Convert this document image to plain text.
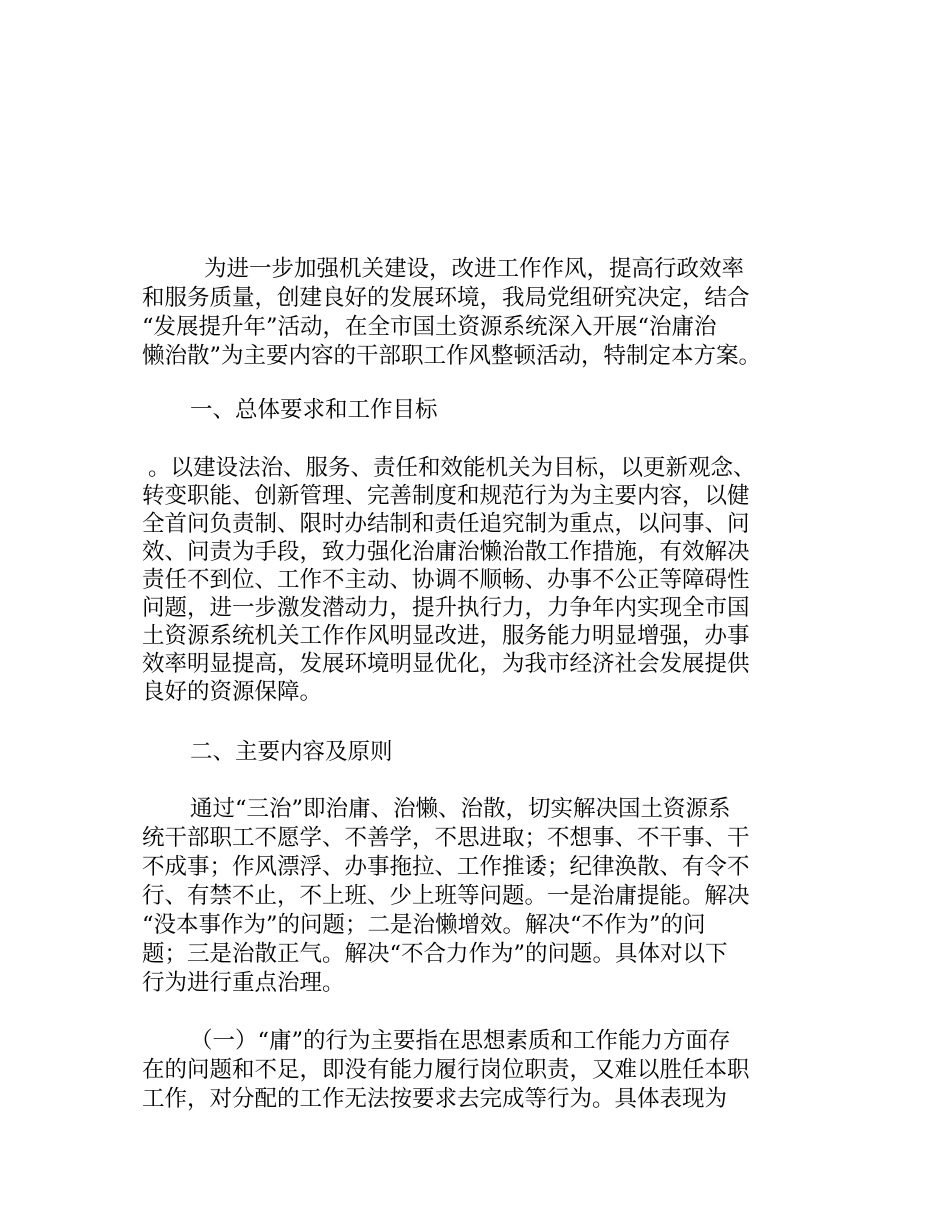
为进一步加强机关建设，改进工作作风，提高行政效率
和服务质量，创建良好的发展环境，我局党组研究决定，结合
“发展提升年”活动，在全市国土资源系统深入开展“治庸治
懒治散”为主要内容的干部职工作风整顿活动，特制定本方案。
一、总体要求和工作目标
。以建设法治、服务、责任和效能机关为目标，以更新观念、
转变职能、创新管理、完善制度和规范行为为主要内容，以健
全首问负责制、限时办结制和责任追究制为重点，以问事、问
效、问责为手段，致力强化治庸治懒治散工作措施，有效解决
责任不到位、工作不主动、协调不顺畅、办事不公正等障碍性
问题，进一步激发潜动力，提升执行力，力争年内实现全市国
土资源系统机关工作作风明显改进，服务能力明显增强，办事
效率明显提高，发展环境明显优化，为我市经济社会发展提供
良好的资源保障。
二、主要内容及原则
通过“三治”即治庸、治懒、治散，切实解决国土资源系
统干部职工不愿学、不善学，不思进取；不想事、不干事、干
不成事；作风漂浮、办事拖拉、工作推诿；纪律涣散、有令不
行、有禁不止，不上班、少上班等问题。一是治庸提能。解决
“没本事作为”的问题；二是治懒增效。解决“不作为”的问
题；三是治散正气。解决“不合力作为”的问题。具体对以下
行为进行重点治理。
（一）“庸”的行为主要指在思想素质和工作能力方面存
在的问题和不足，即没有能力履行岗位职责，又难以胜任本职
工作，对分配的工作无法按要求去完成等行为。具体表现为
